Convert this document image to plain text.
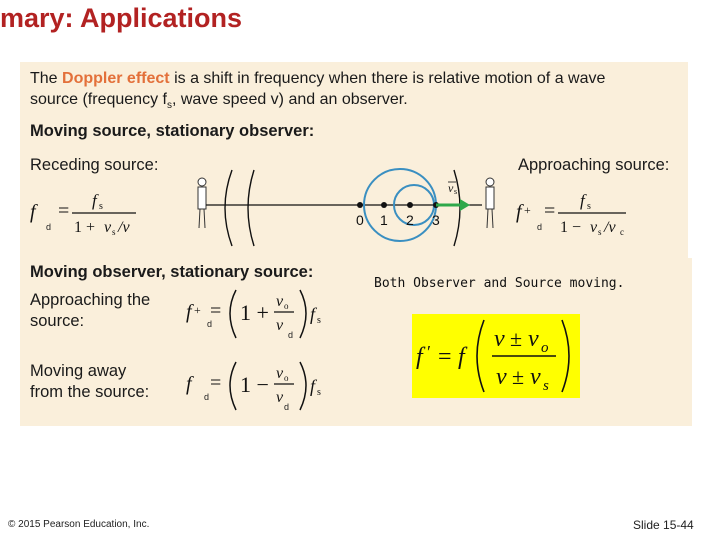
mary: Applications
The Doppler effect is a shift in frequency when there is relative motion of a wave
source (frequency $f_s$, wave speed v) and an observer.
Moving source, stationary observer:
Receding source:	Approaching source:
f = f s
1 + v s /v
d
f + = f s
1 − v s /v c
d
0 1 2 3
v s
Moving observer, stationary source:
Approaching the
source:	f + = 1 + v o
v
f s
d
d
Moving away
from the source: f = 1 − v o
v
f s
d
d
Both Observer and Source moving.
f ′ = f
v ± v o
v ± v s
© 2015 Pearson Education, Inc.	Slide 15-44
